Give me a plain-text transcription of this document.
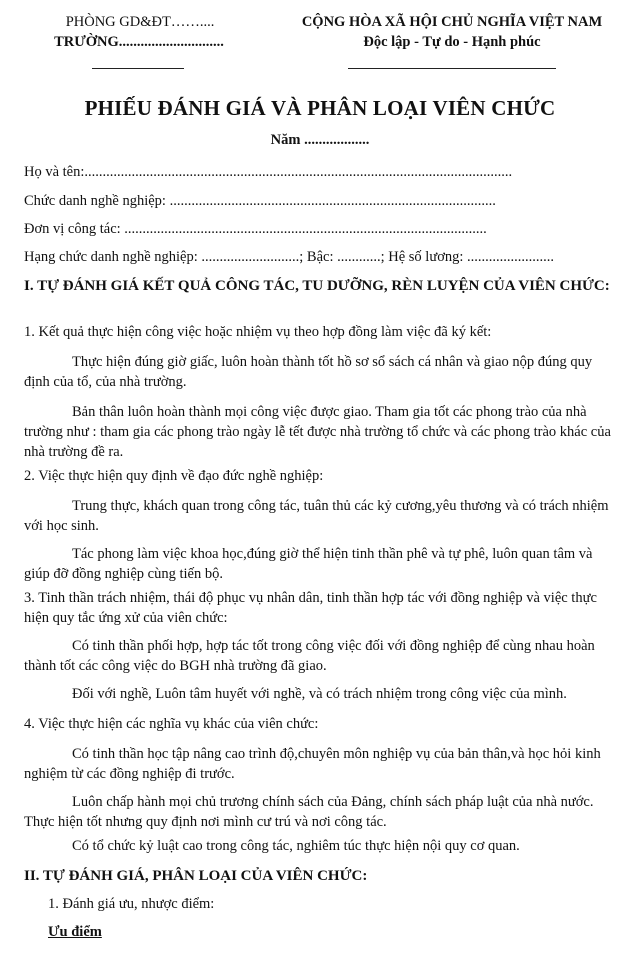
PHÒNG GD&ĐT……....
TRƯỜNG.............................
CỘNG HÒA XÃ HỘI CHỦ NGHĨA VIỆT NAM
Độc lập - Tự do - Hạnh phúc
PHIẾU ĐÁNH GIÁ VÀ PHÂN LOẠI VIÊN CHỨC
Năm ..................
Họ và tên:......................................................................................................................
Chức danh nghề nghiệp: ..........................................................................................
Đơn vị công tác: ....................................................................................................
Hạng chức danh nghề nghiệp: ...........................; Bậc: ............; Hệ số lương: ........................
I. TỰ ĐÁNH GIÁ KẾT QUẢ CÔNG TÁC, TU DƯỠNG, RÈN LUYỆN CỦA VIÊN CHỨC:
1. Kết quả thực hiện công việc hoặc nhiệm vụ theo hợp đồng làm việc đã ký kết:
Thực hiện đúng giờ giấc, luôn hoàn thành tốt hồ sơ sổ sách cá nhân và giao nộp đúng quy định của tổ, của nhà trường.
Bản thân luôn hoàn thành mọi công việc được giao. Tham gia tốt các phong trào của nhà trường như : tham gia các phong trào ngày lễ tết được nhà trường tổ chức và các phong trào khác của nhà trường đề ra.
2. Việc thực hiện quy định về đạo đức nghề nghiệp:
Trung thực, khách quan trong công tác, tuân thủ các kỷ cương,yêu thương và có trách nhiệm với học sinh.
Tác phong làm việc khoa học,đúng giờ thể hiện tinh thần phê và tự phê, luôn quan tâm và giúp đỡ đồng nghiệp cùng tiến bộ.
3. Tinh thần trách nhiệm, thái độ phục vụ nhân dân, tinh thần hợp tác với đồng nghiệp và việc thực hiện quy tắc ứng xử của viên chức:
Có tinh thần phối hợp, hợp tác tốt trong công việc đối với đồng nghiệp để cùng nhau hoàn thành tốt các công việc do BGH nhà trường đã giao.
Đối với nghề, Luôn tâm huyết với nghề, và có trách nhiệm trong công việc của mình.
4. Việc thực hiện các nghĩa vụ khác của viên chức:
Có tinh thần học tập nâng cao trình độ,chuyên môn nghiệp vụ của bản thân,và học hỏi kinh nghiệm từ các đồng nghiệp đi trước.
Luôn chấp hành mọi chủ trương chính sách của Đảng, chính sách pháp luật của nhà nước. Thực hiện tốt nhưng quy định nơi mình cư trú và nơi công tác.
Có tổ chức kỷ luật cao trong công tác, nghiêm túc thực hiện nội quy cơ quan.
II. TỰ ĐÁNH GIÁ, PHÂN LOẠI CỦA VIÊN CHỨC:
1. Đánh giá ưu, nhược điểm:
Ưu điểm
